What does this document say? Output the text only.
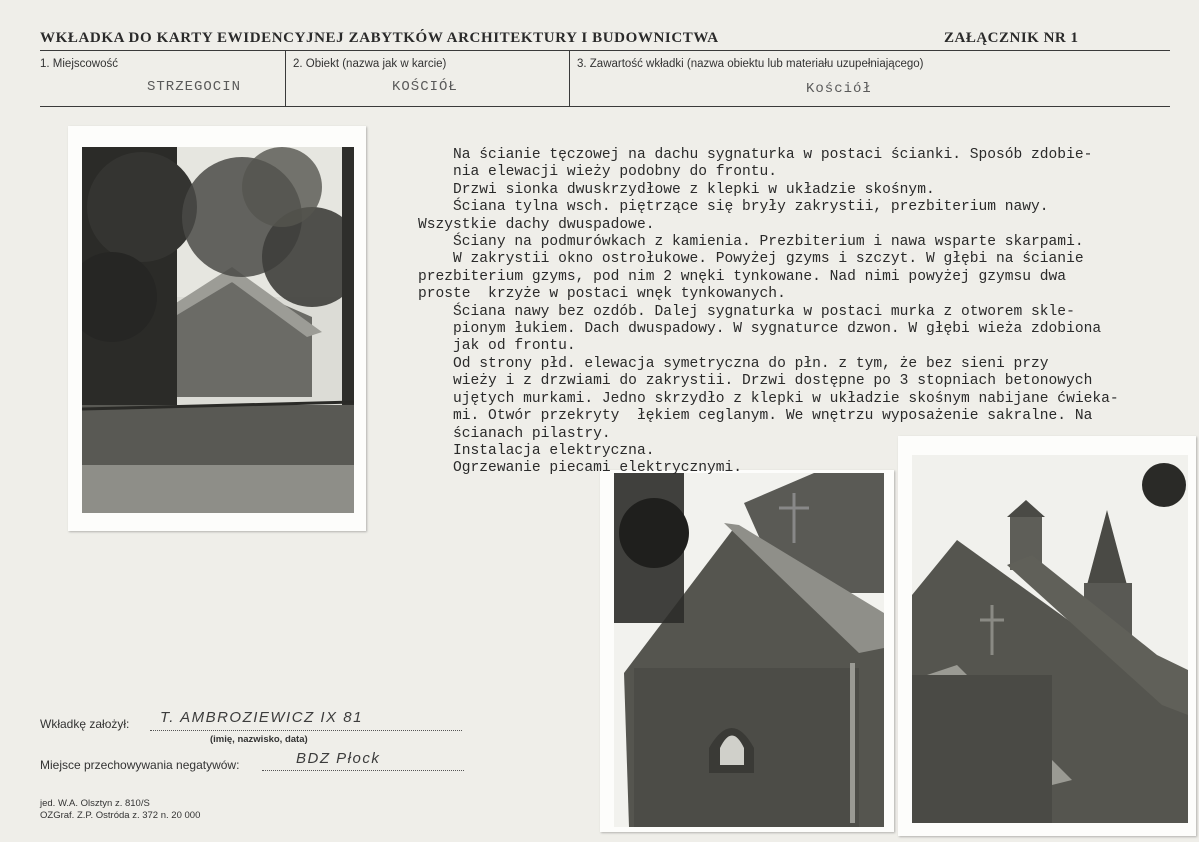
WKŁADKA DO KARTY EWIDENCYJNEJ ZABYTKÓW ARCHITEKTURY I BUDOWNICTWA	ZAŁĄCZNIK NR 1
1. Miejscowość
STRZEGOCIN
2. Obiekt (nazwa jak w karcie)
KOŚCIÓŁ
3. Zawartość wkładki (nazwa obiektu lub materiału uzupełniającego)
Kościół
Na ścianie tęczowej na dachu sygnaturka w postaci ścianki. Sposób zdobie-
nia elewacji wieży podobny do frontu.
Drzwi sionka dwuskrzydłowe z klepki w układzie skośnym.
Ściana tylna wsch. piętrzące się bryły zakrystii, prezbiterium nawy.
Wszystkie dachy dwuspadowe.
Ściany na podmurówkach z kamienia. Prezbiterium i nawa wsparte skarpami.
W zakrystii okno ostrołukowe. Powyżej gzyms i szczyt. W głębi na ścianie
prezbiterium gzyms, pod nim 2 wnęki tynkowane. Nad nimi powyżej gzymsu dwa
proste  krzyże w postaci wnęk tynkowanych.
Ściana nawy bez ozdób. Dalej sygnaturka w postaci murka z otworem skle-
pionym łukiem. Dach dwuspadowy. W sygnaturce dzwon. W głębi wieża zdobiona
jak od frontu.
Od strony płd. elewacja symetryczna do płn. z tym, że bez sieni przy
wieży i z drzwiami do zakrystii. Drzwi dostępne po 3 stopniach betonowych
ujętych murkami. Jedno skrzydło z klepki w układzie skośnym nabijane ćwieka-
mi. Otwór przekryty  łękiem ceglanym. We wnętrzu wyposażenie sakralne. Na
ścianach pilastry.
Instalacja elektryczna.
Ogrzewanie piecami elektrycznymi.
Wkładkę założył: T. AMBROZIEWICZ IX 81
(imię, nazwisko, data)
Miejsce przechowywania negatywów:	BDZ Płock
jed. W.A. Olsztyn z. 810/S
OZGraf. Z.P. Ostróda z. 372 n. 20 000
